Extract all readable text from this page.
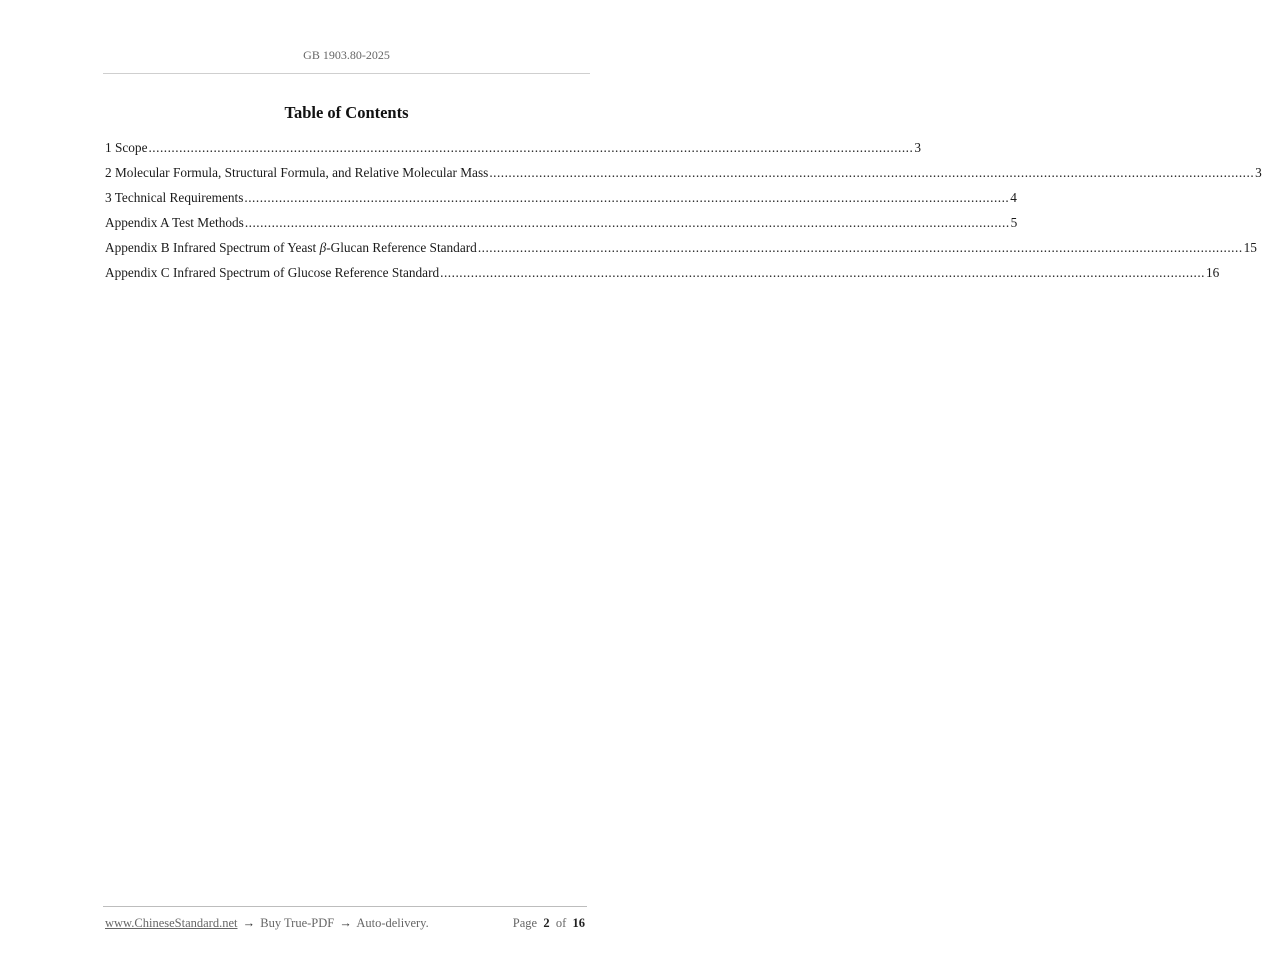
GB 1903.80-2025
Table of Contents
1 Scope ........................................................................................................................................................................................................ 3
2 Molecular Formula, Structural Formula, and Relative Molecular Mass ........................................................................................................................................................................................................ 3
3 Technical Requirements ........................................................................................................................................................................................................ 4
Appendix A Test Methods ........................................................................................................................................................................................................ 5
Appendix B Infrared Spectrum of Yeast β-Glucan Reference Standard ........................................................................................................................................................................................................ 15
Appendix C Infrared Spectrum of Glucose Reference Standard ........................................................................................................................................................................................................ 16
www.ChineseStandard.net → Buy True-PDF → Auto-delivery.	Page 2 of 16
